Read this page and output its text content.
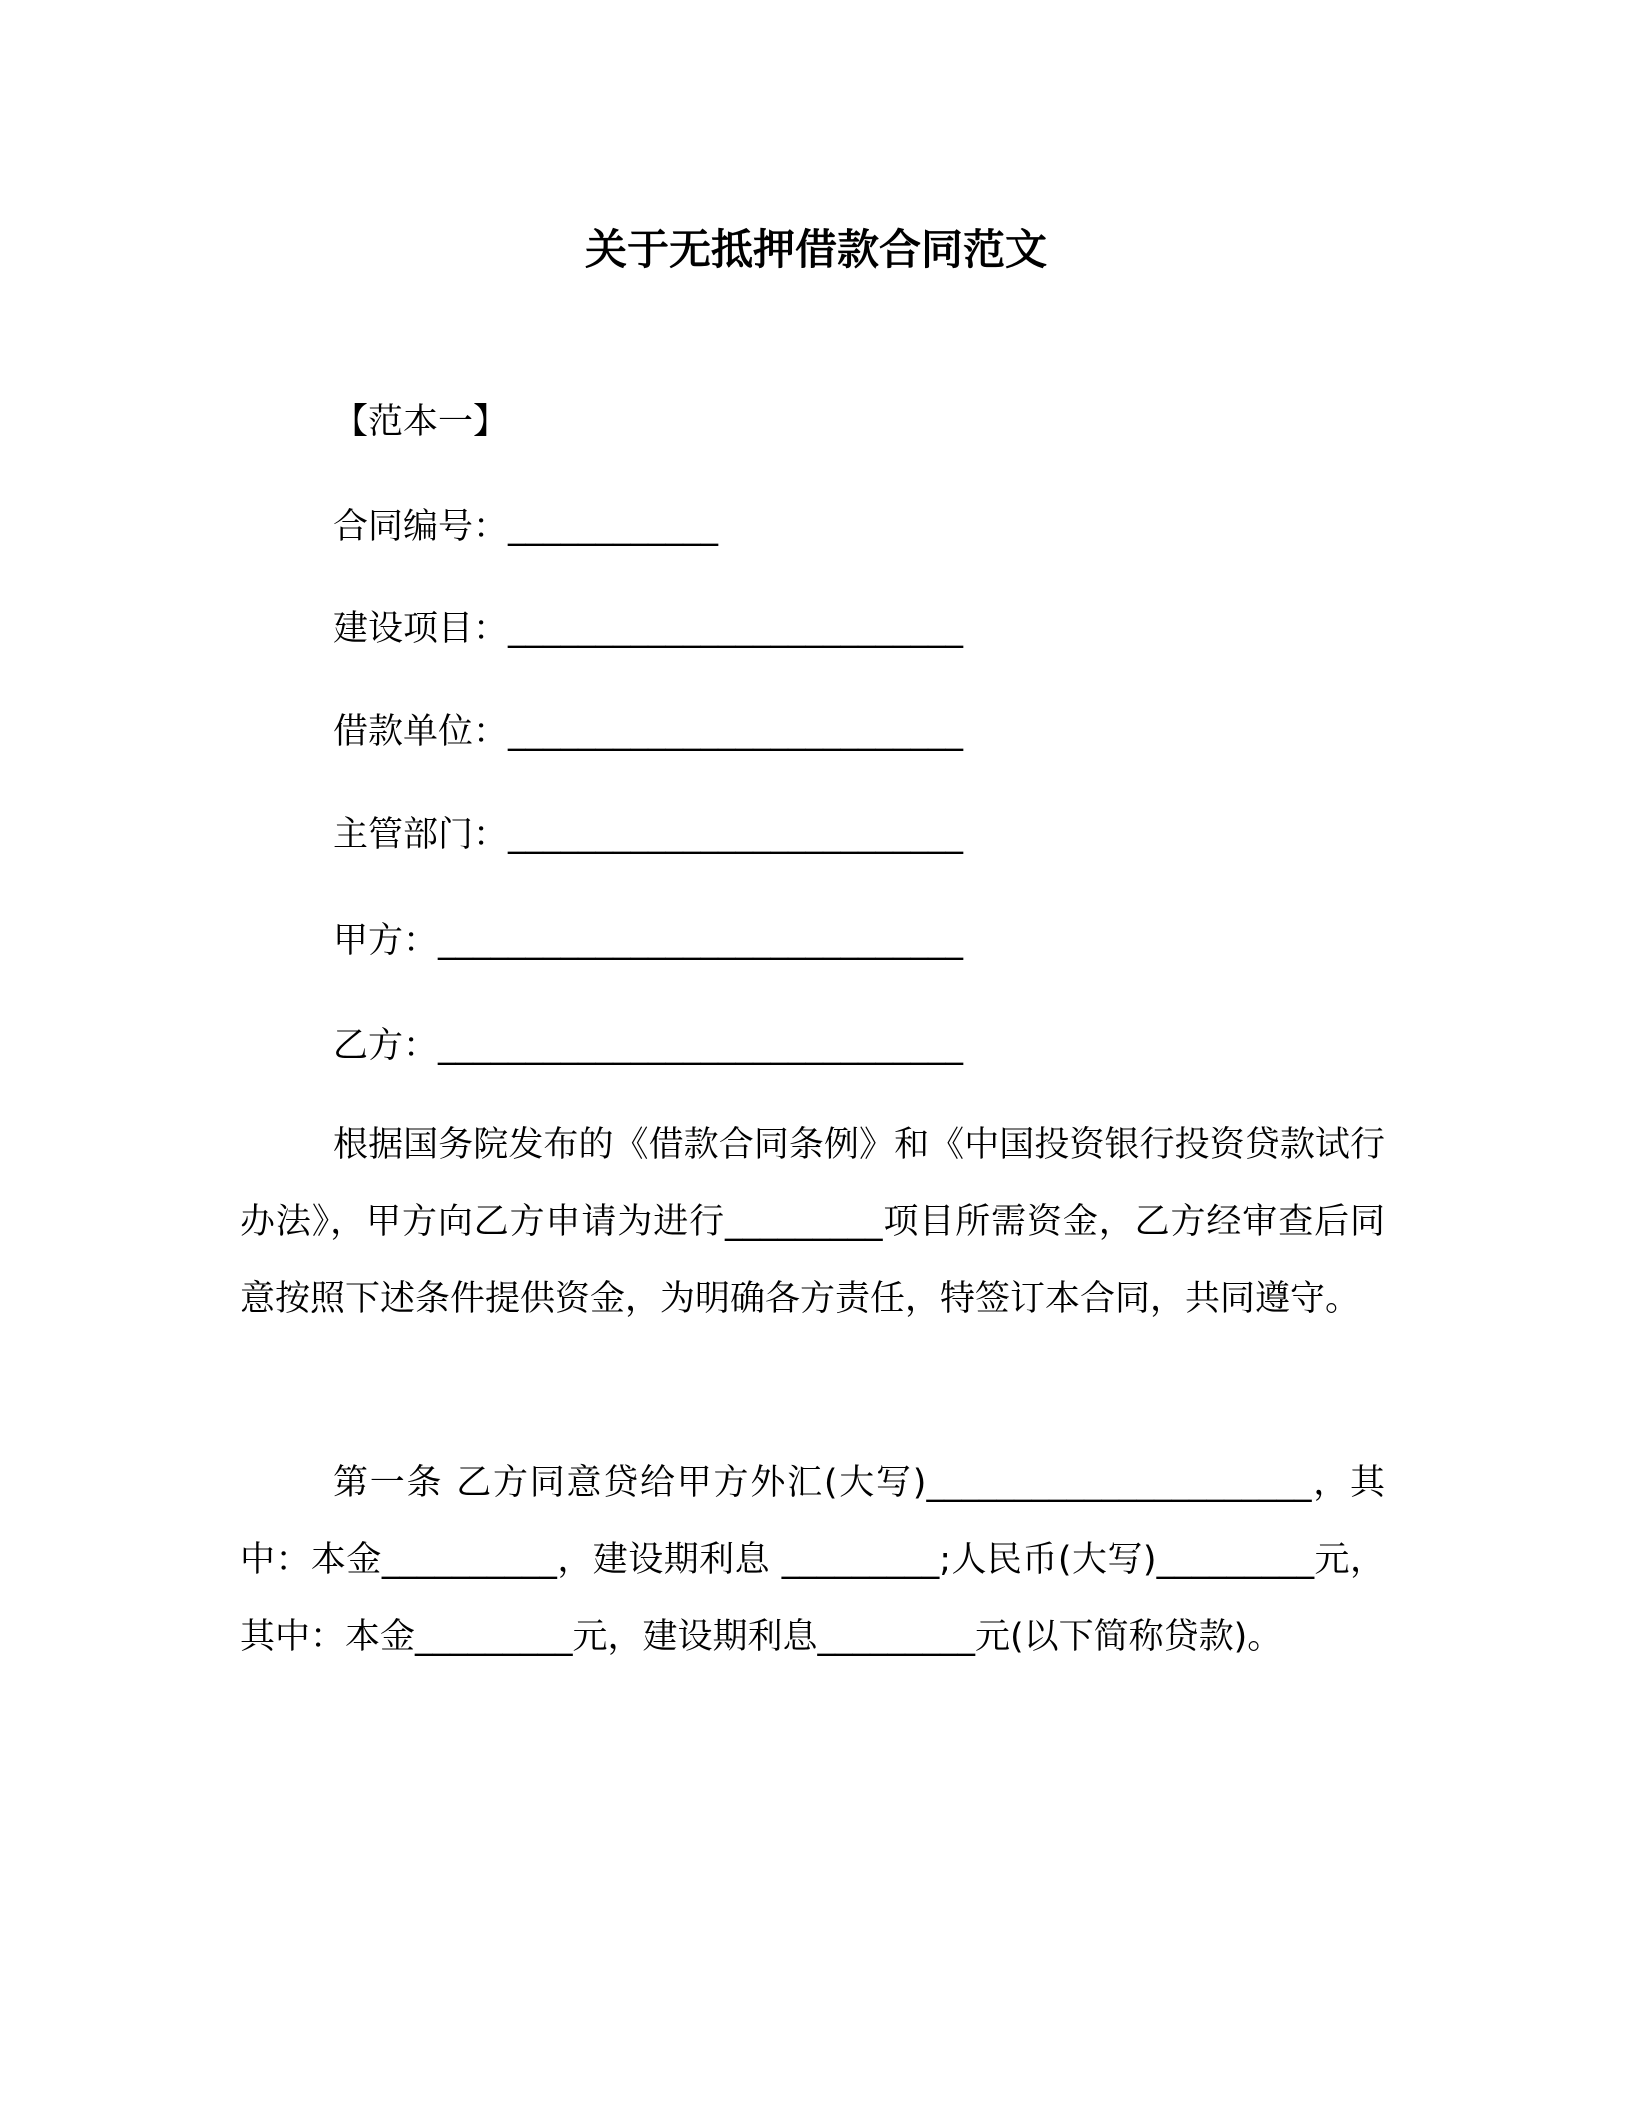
关于无抵押借款合同范文
【范本一】
合同编号：____________
建设项目：__________________________
借款单位：__________________________
主管部门：__________________________
甲方：______________________________
乙方：______________________________
根据国务院发布的《借款合同条例》和《中国投资银行投资贷款试行办法》，甲方向乙方申请为进行_________项目所需资金，乙方经审查后同意按照下述条件提供资金，为明确各方责任，特签订本合同，共同遵守。
第一条 乙方同意贷给甲方外汇(大写)______________________，其中：本金__________，建设期利息 _________;人民币(大写)_________元，其中：本金_________元，建设期利息_________元(以下简称贷款)。
